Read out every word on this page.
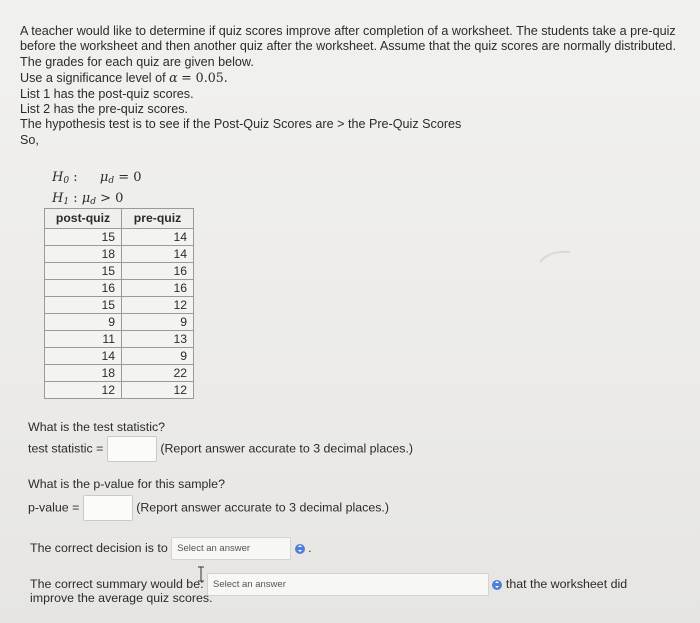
A teacher would like to determine if quiz scores improve after completion of a worksheet. The students take a pre-quiz before the worksheet and then another quiz after the worksheet. Assume that the quiz scores are normally distributed.

The grades for each quiz are given below.

Use a significance level of α = 0.05.

List 1 has the post-quiz scores.

List 2 has the pre-quiz scores.

The hypothesis test is to see if the Post-Quiz Scores are > the Pre-Quiz Scores

So,

$H_0$ : $\mu_d = 0$
$H_1$ : $\mu_d > 0$
post-quiz	pre-quiz
15	14
18	14
15	16
16	16
15	12
9	9
11	13
14	9
18	22
12	12
What is the test statistic?
test statistic =	(Report answer accurate to 3 decimal places.)
What is the p-value for this sample?
p-value =	(Report answer accurate to 3 decimal places.)
The correct decision is to Select an answer	.
The correct summary would be: Select an answer	that the worksheet did
improve the average quiz scores.
